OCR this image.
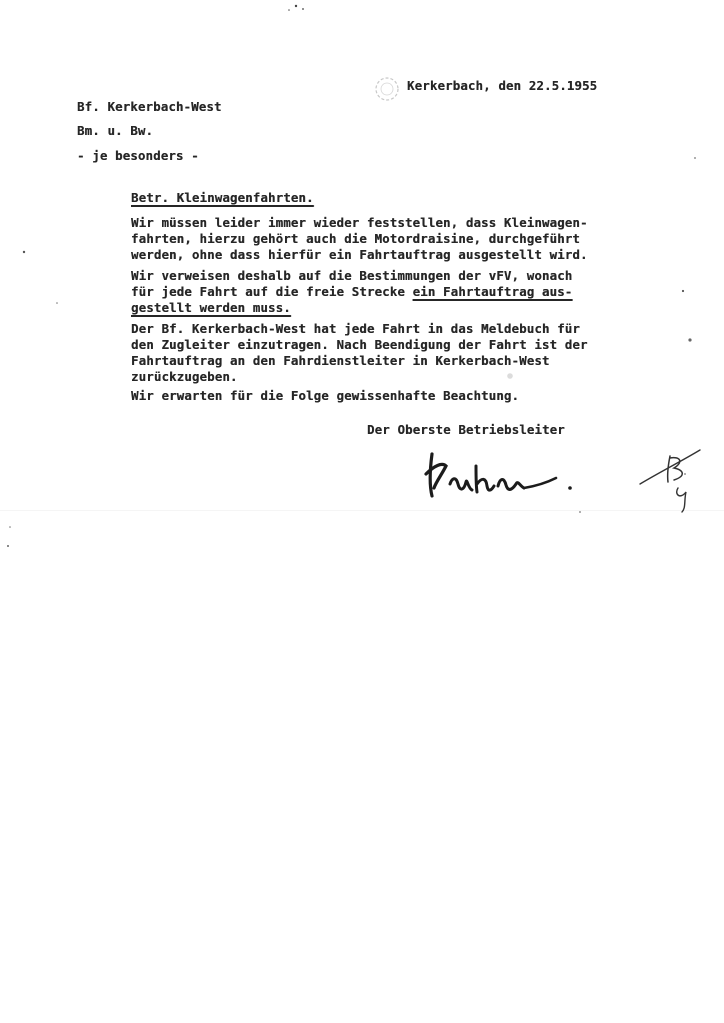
Kerkerbach, den 22.5.1955
Bf. Kerkerbach-West
Bm. u. Bw.
- je besonders -
Betr. Kleinwagenfahrten.
Wir müssen leider immer wieder feststellen, dass Kleinwagen-
fahrten, hierzu gehört auch die Motordraisine, durchgeführt
werden, ohne dass hierfür ein Fahrtauftrag ausgestellt wird.
Wir verweisen deshalb auf die Bestimmungen der vFV, wonach
für jede Fahrt auf die freie Strecke ein Fahrtauftrag aus-
gestellt werden muss.
Der Bf. Kerkerbach-West hat jede Fahrt in das Meldebuch für
den Zugleiter einzutragen. Nach Beendigung der Fahrt ist der
Fahrtauftrag an den Fahrdienstleiter in Kerkerbach-West
zurückzugeben.
Wir erwarten für die Folge gewissenhafte Beachtung.
Der Oberste Betriebsleiter
